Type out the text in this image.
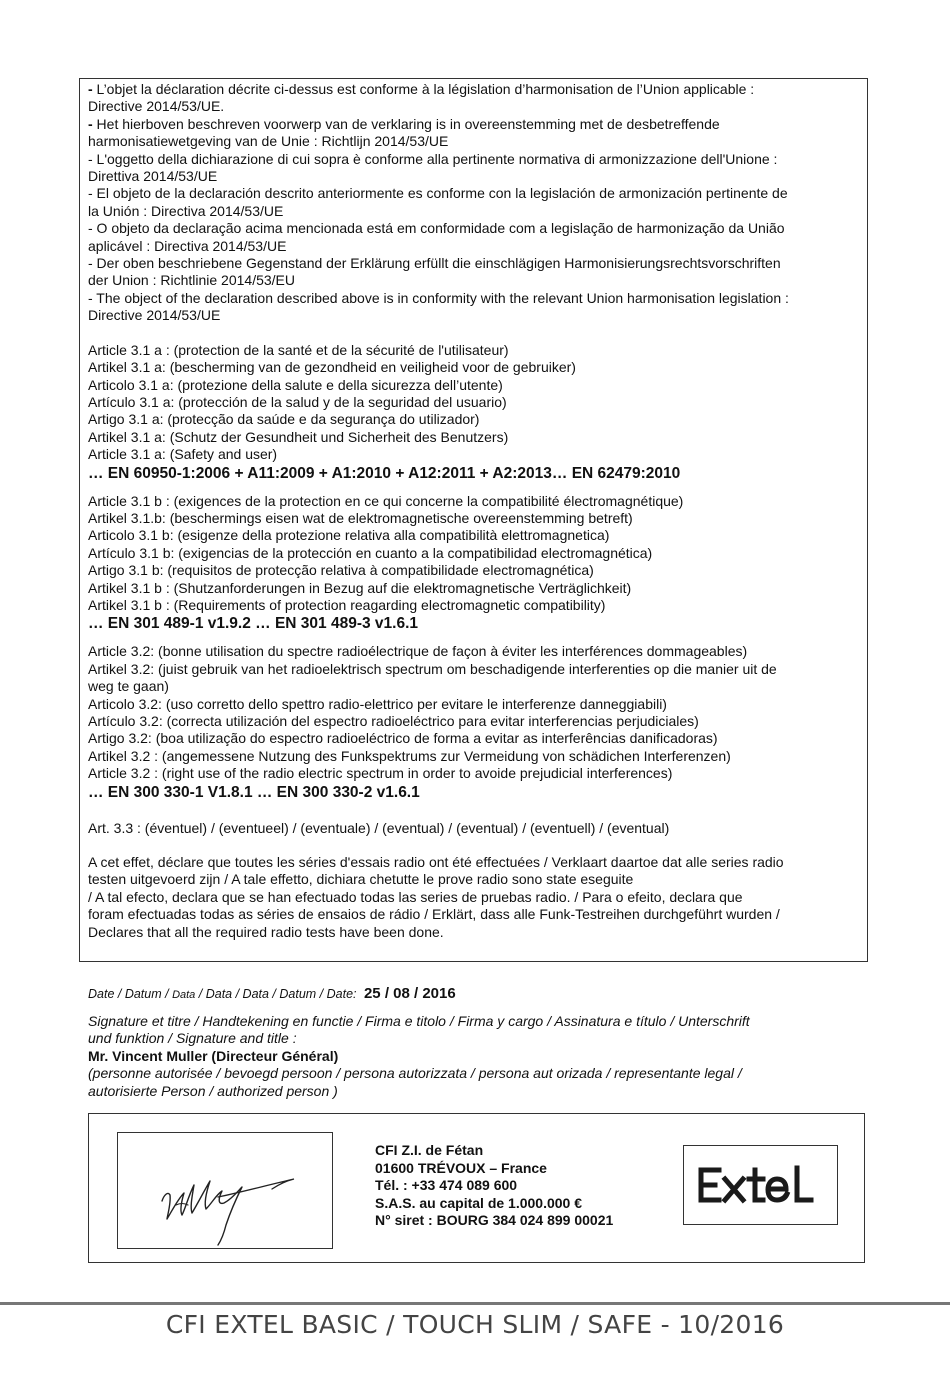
- L’objet la déclaration décrite ci-dessus est conforme à la législation d’harmonisation de l’Union applicable :

Directive 2014/53/UE.

- Het hierboven beschreven voorwerp van de verklaring is in overeenstemming met de desbetreffende

harmonisatiewetgeving van de Unie : Richtlijn 2014/53/UE

- L'oggetto della dichiarazione di cui sopra è conforme alla pertinente normativa di armonizzazione dell'Unione :

Direttiva 2014/53/UE

- El objeto de la declaración descrito anteriormente es conforme con la legislación de armonización pertinente de

la Unión : Directiva 2014/53/UE

- O objeto da declaração acima mencionada está em conformidade com a legislação de harmonização da União

aplicável : Directiva 2014/53/UE

- Der oben beschriebene Gegenstand der Erklärung erfüllt die einschlägigen Harmonisierungsrechtsvorschriften

der Union : Richtlinie 2014/53/EU

- The object of the declaration described above is in conformity with the relevant Union harmonisation legislation :

Directive 2014/53/UE

Article 3.1 a : (protection de la santé et de la sécurité de l'utilisateur)

Artikel 3.1 a: (bescherming van de gezondheid en veiligheid voor de gebruiker)

Articolo 3.1 a: (protezione della salute e della sicurezza dell’utente)

Artículo 3.1 a: (protección de la salud y de la seguridad del usuario)

Artigo 3.1 a: (protecção da saúde e da segurança do utilizador)

Artikel 3.1 a: (Schutz der Gesundheit und Sicherheit des Benutzers)

Article 3.1 a: (Safety and user)

… EN 60950-1:2006 + A11:2009 + A1:2010 + A12:2011 + A2:2013… EN 62479:2010

Article 3.1 b : (exigences de la protection en ce qui concerne la compatibilité électromagnétique)

Artikel 3.1.b: (beschermings eisen wat de elektromagnetische overeenstemming betreft)

Articolo 3.1 b: (esigenze della protezione relativa alla compatibilità elettromagnetica)

Artículo 3.1 b: (exigencias de la protección en cuanto a la compatibilidad electromagnética)

Artigo 3.1 b: (requisitos de protecção relativa à compatibilidade electromagnética)

Artikel 3.1 b : (Shutzanforderungen in Bezug auf die elektromagnetische Verträglichkeit)

Artikel 3.1 b : (Requirements of protection reagarding electromagnetic compatibility)

… EN 301 489-1 v1.9.2 … EN 301 489-3 v1.6.1

Article 3.2: (bonne utilisation du spectre radioélectrique de façon à éviter les interférences dommageables)

Artikel 3.2: (juist gebruik van het radioelektrisch spectrum om beschadigende interferenties op die manier uit de

weg te gaan)

Articolo 3.2: (uso corretto dello spettro radio-elettrico per evitare le interferenze danneggiabili)

Artículo 3.2: (correcta utilización del espectro radioeléctrico para evitar interferencias perjudiciales)

Artigo 3.2: (boa utilização do espectro radioeléctrico de forma a evitar as interferências danificadoras)

Artikel 3.2 : (angemessene Nutzung des Funkspektrums zur Vermeidung von schädichen Interferenzen)

Article 3.2 : (right use of the radio electric spectrum in order to avoide prejudicial interferences)

… EN 300 330-1 V1.8.1 … EN 300 330-2 v1.6.1

Art. 3.3 : (éventuel) / (eventueel) / (eventuale) / (eventual) / (eventual) / (eventuell) / (eventual)

A cet effet, déclare que toutes les séries d'essais radio ont été effectuées / Verklaart daartoe dat alle series radio

testen uitgevoerd zijn / A tale effetto, dichiara chetutte le prove radio sono state eseguite

/ A tal efecto, declara que se han efectuado todas las series de pruebas radio. / Para o efeito, declara que

foram efectuadas todas as séries de ensaios de rádio / Erklärt, dass alle Funk-Testreihen durchgeführt wurden /

Declares that all the required radio tests have been done.

Date / Datum / Data / Data / Data / Datum / Date: 25 / 08 / 2016

Signature et titre / Handtekening en functie / Firma e titolo / Firma y cargo / Assinatura e título / Unterschrift

und funktion / Signature and title :

Mr. Vincent Muller (Directeur Général)

(personne autorisée / bevoegd persoon / persona autorizzata / persona aut orizada / representante legal /

autorisierte Person / authorized person )

CFI Z.I. de Fétan
01600 TRÉVOUX – France
Tél. : +33 474 089 600
S.A.S. au capital de 1.000.000 €
N° siret : BOURG 384 024 899 00021
CFI EXTEL BASIC / TOUCH SLIM / SAFE - 10/2016
